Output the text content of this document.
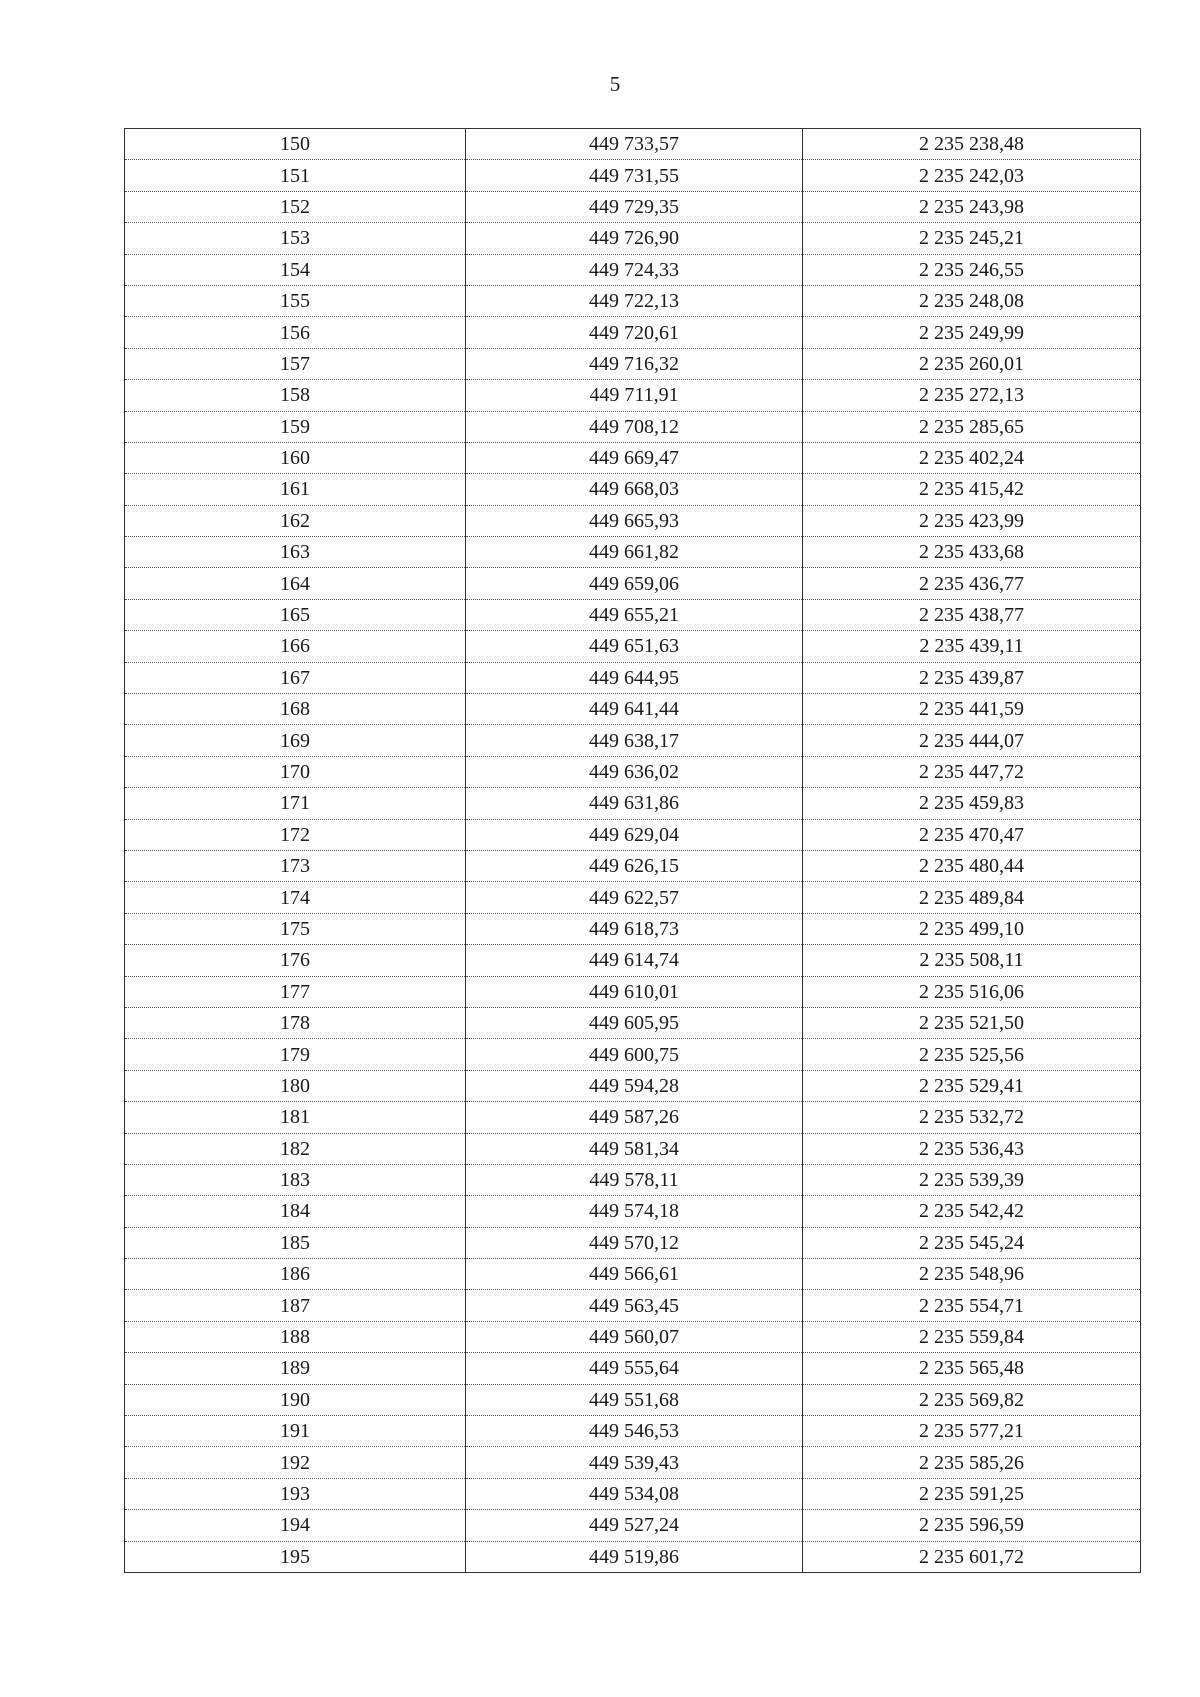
5
150	449 733,57	2 235 238,48
151	449 731,55	2 235 242,03
152	449 729,35	2 235 243,98
153	449 726,90	2 235 245,21
154	449 724,33	2 235 246,55
155	449 722,13	2 235 248,08
156	449 720,61	2 235 249,99
157	449 716,32	2 235 260,01
158	449 711,91	2 235 272,13
159	449 708,12	2 235 285,65
160	449 669,47	2 235 402,24
161	449 668,03	2 235 415,42
162	449 665,93	2 235 423,99
163	449 661,82	2 235 433,68
164	449 659,06	2 235 436,77
165	449 655,21	2 235 438,77
166	449 651,63	2 235 439,11
167	449 644,95	2 235 439,87
168	449 641,44	2 235 441,59
169	449 638,17	2 235 444,07
170	449 636,02	2 235 447,72
171	449 631,86	2 235 459,83
172	449 629,04	2 235 470,47
173	449 626,15	2 235 480,44
174	449 622,57	2 235 489,84
175	449 618,73	2 235 499,10
176	449 614,74	2 235 508,11
177	449 610,01	2 235 516,06
178	449 605,95	2 235 521,50
179	449 600,75	2 235 525,56
180	449 594,28	2 235 529,41
181	449 587,26	2 235 532,72
182	449 581,34	2 235 536,43
183	449 578,11	2 235 539,39
184	449 574,18	2 235 542,42
185	449 570,12	2 235 545,24
186	449 566,61	2 235 548,96
187	449 563,45	2 235 554,71
188	449 560,07	2 235 559,84
189	449 555,64	2 235 565,48
190	449 551,68	2 235 569,82
191	449 546,53	2 235 577,21
192	449 539,43	2 235 585,26
193	449 534,08	2 235 591,25
194	449 527,24	2 235 596,59
195	449 519,86	2 235 601,72
